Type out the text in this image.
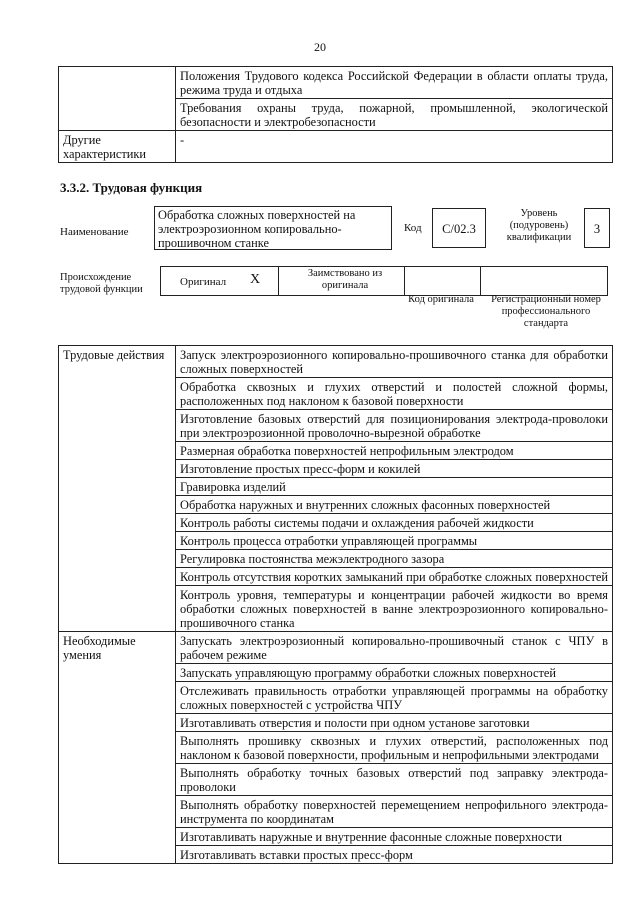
20
	Положения Трудового кодекса Российской Федерации в области оплаты труда, режима труда и отдыха
	Требования охраны труда, пожарной, промышленной, экологической безопасности и электробезопасности
Другие характеристики	-
3.3.2. Трудовая функция
Наименование
Обработка сложных поверхностей на электроэрозионном копировально-прошивочном станке
Код	C/02.3
Уровень (подуровень) квалификации
3
Происхождение трудовой функции
Оригинал X	Заимствовано из оригинала
Код оригинала	Регистрационный номер профессионального стандарта
Трудовые действия	Запуск электроэрозионного копировально-прошивочного станка для обработки сложных поверхностей
	Обработка сквозных и глухих отверстий и полостей сложной формы, расположенных под наклоном к базовой поверхности
	Изготовление базовых отверстий для позиционирования электрода-проволоки при электроэрозионной проволочно-вырезной обработке
	Размерная обработка поверхностей непрофильным электродом
	Изготовление простых пресс-форм и кокилей
	Гравировка изделий
	Обработка наружных и внутренних сложных фасонных поверхностей
	Контроль работы системы подачи и охлаждения рабочей жидкости
	Контроль процесса отработки управляющей программы
	Регулировка постоянства межэлектродного зазора
	Контроль отсутствия коротких замыканий при обработке сложных поверхностей
	Контроль уровня, температуры и концентрации рабочей жидкости во время обработки сложных поверхностей в ванне электроэрозионного копировально-прошивочного станка
Необходимые умения	Запускать электроэрозионный копировально-прошивочный станок с ЧПУ в рабочем режиме
	Запускать управляющую программу обработки сложных поверхностей
	Отслеживать правильность отработки управляющей программы на обработку сложных поверхностей с устройства ЧПУ
	Изготавливать отверстия и полости при одном установе заготовки
	Выполнять прошивку сквозных и глухих отверстий, расположенных под наклоном к базовой поверхности, профильным и непрофильными электродами
	Выполнять обработку точных базовых отверстий под заправку электрода-проволоки
	Выполнять обработку поверхностей перемещением непрофильного электрода-инструмента по координатам
	Изготавливать наружные и внутренние фасонные сложные поверхности
	Изготавливать вставки простых пресс-форм
